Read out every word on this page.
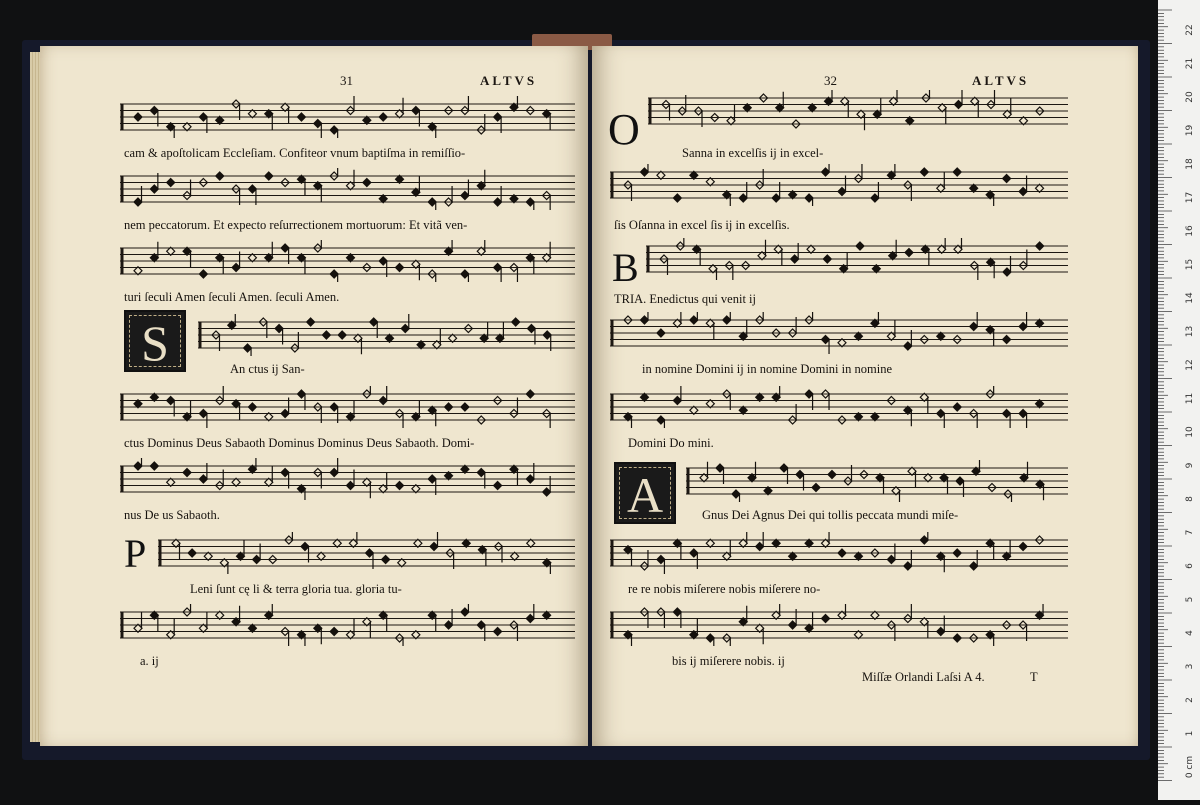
31	ALTVS
cam & apoſtolicam Eccleſiam. Confiteor vnum baptiſma in remiſſio-
nem peccatorum. Et expecto reſurrectionem mortuorum: Et vitã ven-
turi ſeculi Amen ſeculi Amen. ſeculi Amen.
S	An ctus ij San-
ctus Dominus Deus Sabaoth Dominus Dominus Deus Sabaoth. Domi-
nus De us Sabaoth.
P
Leni ſunt cę li & terra gloria tua. gloria tu-
a. ij
32	ALTVS
O	Sanna in excelſis ij in excel-
ſis Oſanna in excel ſis ij in excelſis.
B
TRIA. Enedictus qui venit ij
in nomine Domini ij in nomine Domini in nomine
Domini Do mini.
A	Gnus Dei Agnus Dei qui tollis peccata mundi miſe-
re re nobis miſerere nobis miſerere no-
bis ij miſerere nobis. ij
Miſſæ Orlandi Laſsi A 4.	T
22
21
20
19
18
17
16
15
14
13
12
11
10
9
8
7
6
5
4
3
2
1
0 cm
